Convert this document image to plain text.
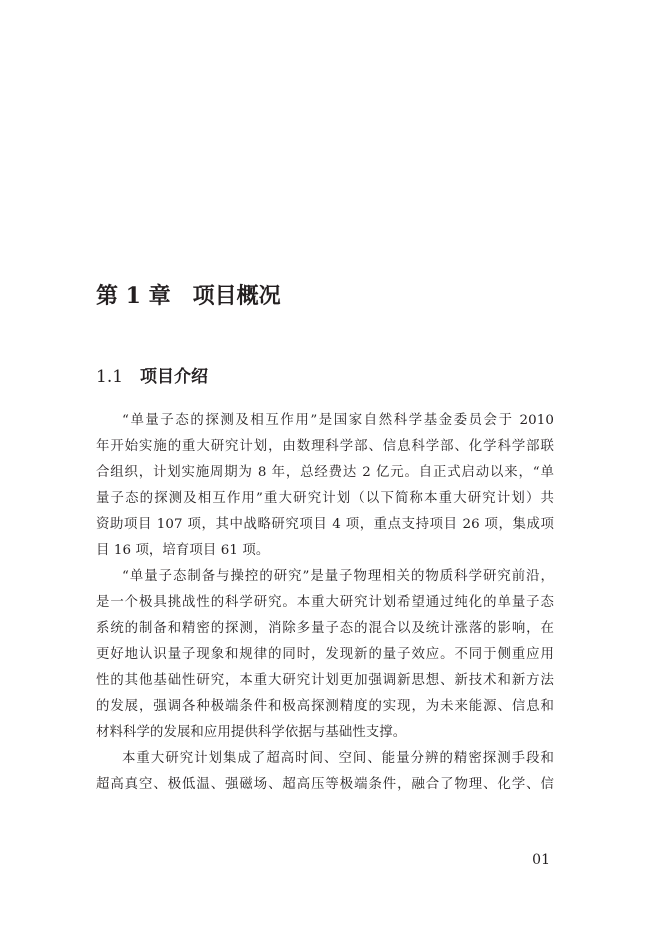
第 1 章 项目概况
1.1 项目介绍
“单量子态的探测及相互作用”是国家自然科学基金委员会于 2010
年开始实施的重大研究计划，由数理科学部、信息科学部、化学科学部联
合组织，计划实施周期为 8 年，总经费达 2 亿元。自正式启动以来，“单
量子态的探测及相互作用”重大研究计划（以下简称本重大研究计划）共
资助项目 107 项，其中战略研究项目 4 项，重点支持项目 26 项，集成项
目 16 项，培育项目 61 项。
“单量子态制备与操控的研究”是量子物理相关的物质科学研究前沿，
是一个极具挑战性的科学研究。本重大研究计划希望通过纯化的单量子态
系统的制备和精密的探测，消除多量子态的混合以及统计涨落的影响，在
更好地认识量子现象和规律的同时，发现新的量子效应。不同于侧重应用
性的其他基础性研究，本重大研究计划更加强调新思想、新技术和新方法
的发展，强调各种极端条件和极高探测精度的实现，为未来能源、信息和
材料科学的发展和应用提供科学依据与基础性支撑。
本重大研究计划集成了超高时间、空间、能量分辨的精密探测手段和
超高真空、极低温、强磁场、超高压等极端条件，融合了物理、化学、信
01
